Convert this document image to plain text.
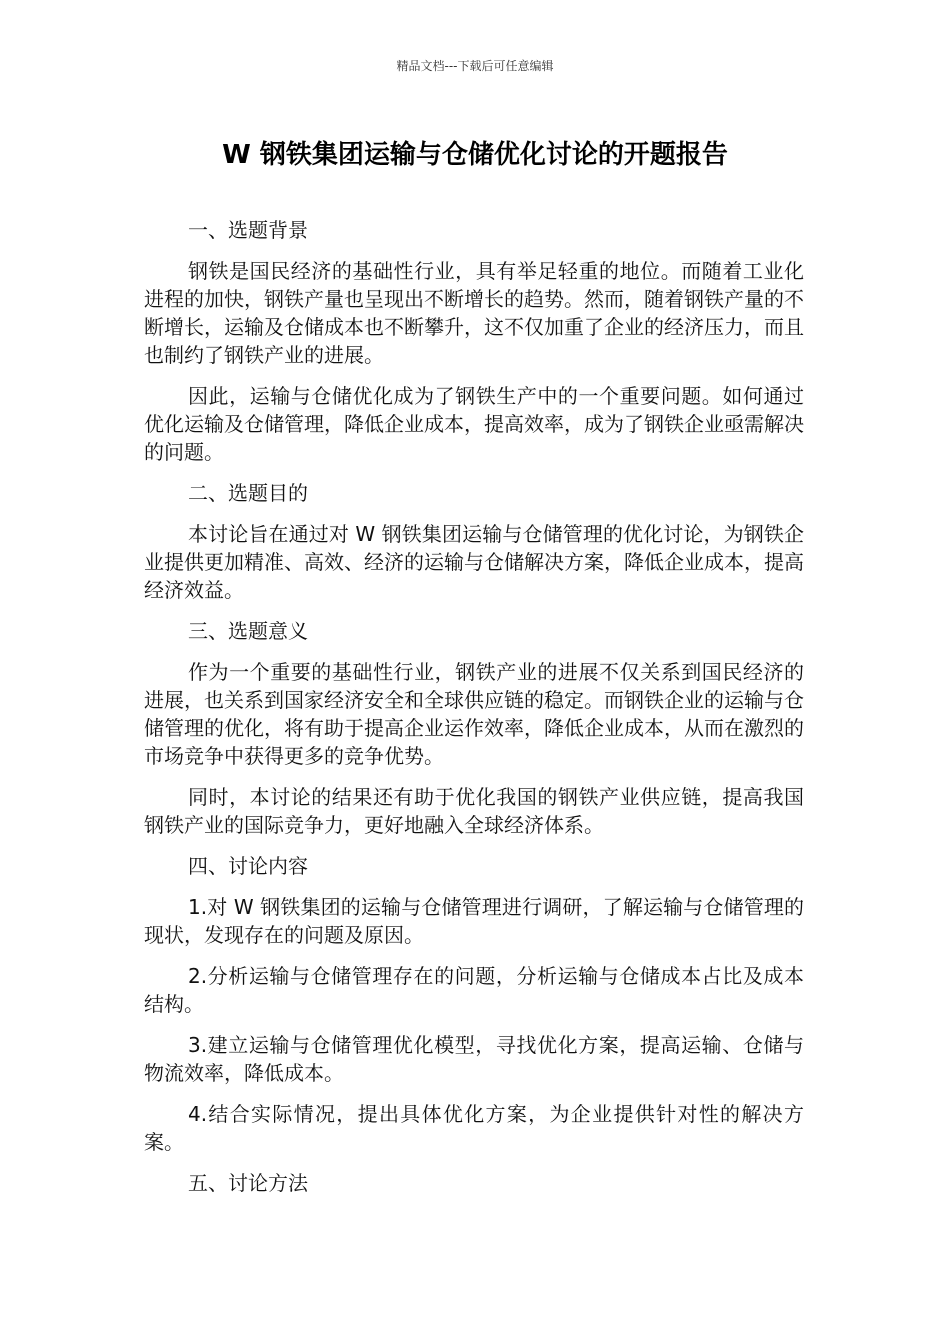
精品文档---下载后可任意编辑
W 钢铁集团运输与仓储优化讨论的开题报告

一、选题背景

钢铁是国民经济的基础性行业，具有举足轻重的地位。而随着工业化进程的加快，钢铁产量也呈现出不断增长的趋势。然而，随着钢铁产量的不断增长，运输及仓储成本也不断攀升，这不仅加重了企业的经济压力，而且也制约了钢铁产业的进展。

因此，运输与仓储优化成为了钢铁生产中的一个重要问题。如何通过优化运输及仓储管理，降低企业成本，提高效率，成为了钢铁企业亟需解决的问题。

二、选题目的

本讨论旨在通过对 W 钢铁集团运输与仓储管理的优化讨论，为钢铁企业提供更加精准、高效、经济的运输与仓储解决方案，降低企业成本，提高经济效益。

三、选题意义

作为一个重要的基础性行业，钢铁产业的进展不仅关系到国民经济的进展，也关系到国家经济安全和全球供应链的稳定。而钢铁企业的运输与仓储管理的优化，将有助于提高企业运作效率，降低企业成本，从而在激烈的市场竞争中获得更多的竞争优势。

同时，本讨论的结果还有助于优化我国的钢铁产业供应链，提高我国钢铁产业的国际竞争力，更好地融入全球经济体系。

四、讨论内容

1.对 W 钢铁集团的运输与仓储管理进行调研，了解运输与仓储管理的现状，发现存在的问题及原因。

2.分析运输与仓储管理存在的问题，分析运输与仓储成本占比及成本结构。

3.建立运输与仓储管理优化模型，寻找优化方案，提高运输、仓储与物流效率，降低成本。

4.结合实际情况，提出具体优化方案，为企业提供针对性的解决方案。

五、讨论方法
